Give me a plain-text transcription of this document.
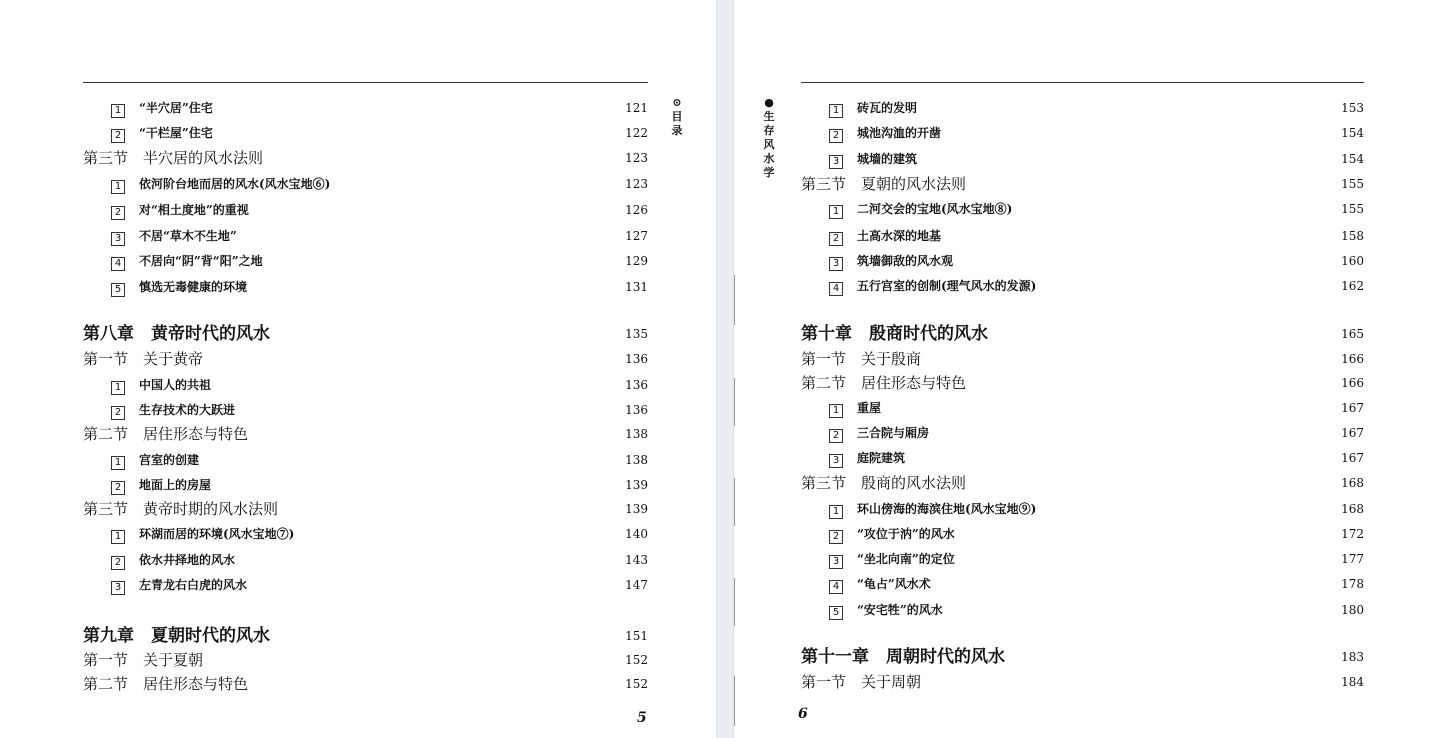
1 “半穴居”住宅	121
2 “干栏屋”住宅	122
第三节　半穴居的风水法则	123
1 依河阶台地而居的风水(风水宝地⑥)	123
2 对“相土度地”的重视	126
3 不居“草木不生地”	127
4 不居向“阴”背“阳”之地	129
5 慎选无毒健康的环境	131
第八章　黄帝时代的风水	135
第一节　关于黄帝	136
1 中国人的共祖	136
2 生存技术的大跃进	136
第二节　居住形态与特色	138
1 宫室的创建	138
2 地面上的房屋	139
第三节　黄帝时期的风水法则	139
1 环湖而居的环境(风水宝地⑦)	140
2 依水井择地的风水	143
3 左青龙右白虎的风水	147
第九章　夏朝时代的风水	151
第一节　关于夏朝	152
第二节　居住形态与特色	152
⊙目录
5
●生存风水学
1 砖瓦的发明	153
2 城池沟洫的开凿	154
3 城墙的建筑	154
第三节　夏朝的风水法则	155
1 二河交会的宝地(风水宝地⑧)	155
2 土高水深的地基	158
3 筑墙御敌的风水观	160
4 五行宫室的创制(理气风水的发源)	162
第十章　殷商时代的风水	165
第一节　关于殷商	166
第二节　居住形态与特色	166
1 重屋	167
2 三合院与厢房	167
3 庭院建筑	167
第三节　殷商的风水法则	168
1 环山傍海的海滨住地(风水宝地⑨)	168
2 “攻位于汭”的风水	172
3 “坐北向南”的定位	177
4 “龟占”风水术	178
5 “安宅牲”的风水	180
第十一章　周朝时代的风水	183
第一节　关于周朝	184
6
